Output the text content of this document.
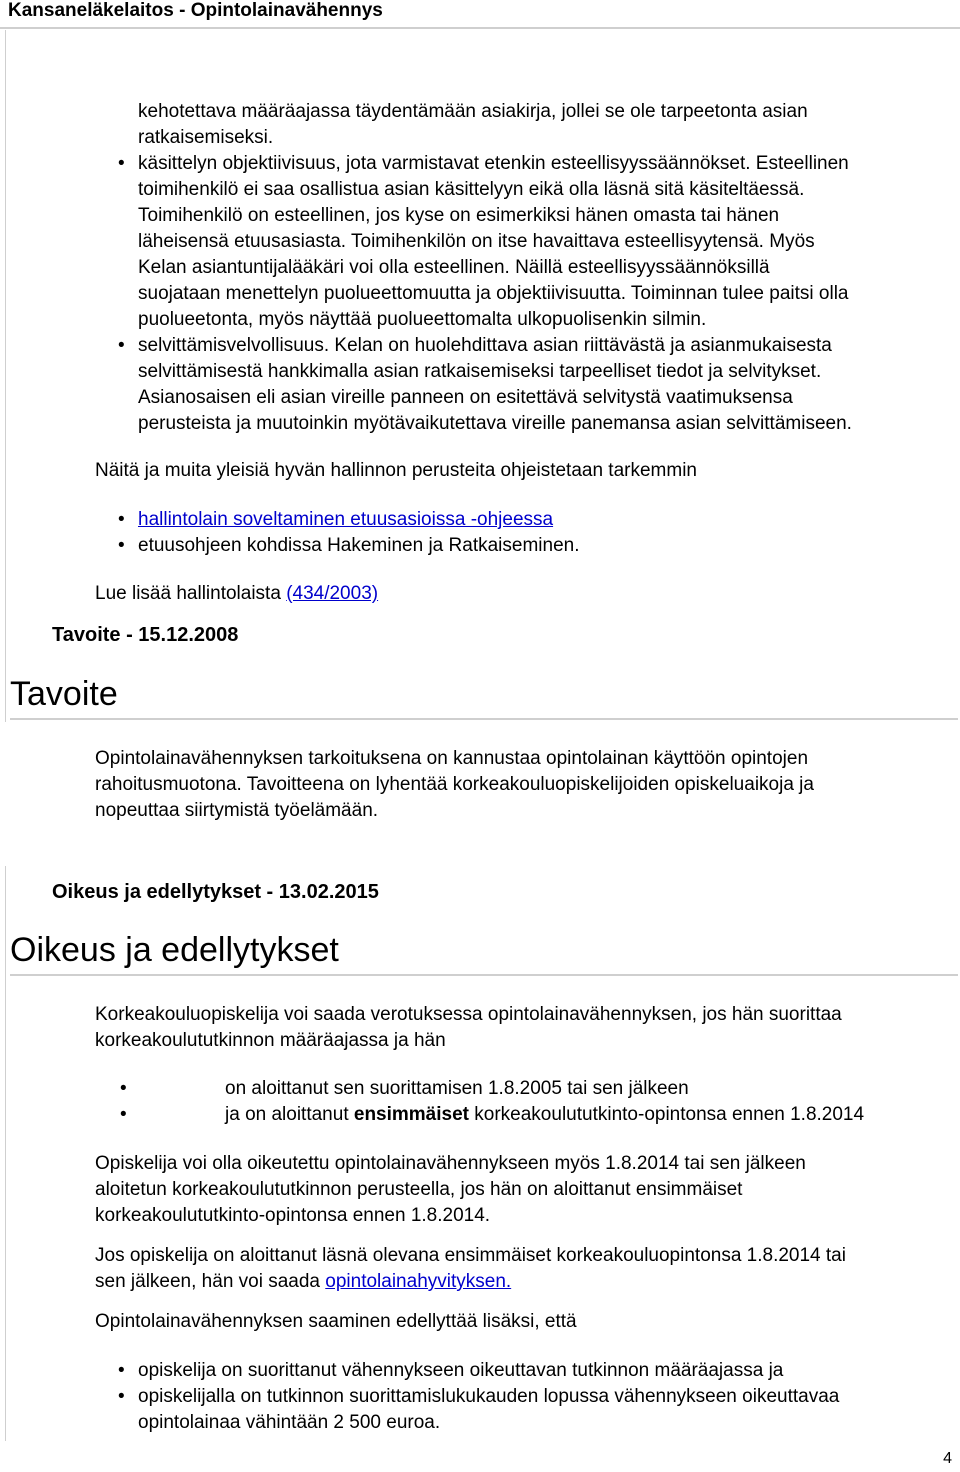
Kansaneläkelaitos - Opintolainavähennys
kehotettava määräajassa täydentämään asiakirja, jollei se ole tarpeetonta asian
ratkaisemiseksi.
• käsittelyn objektiivisuus, jota varmistavat etenkin esteellisyyssäännökset. Esteellinen
toimihenkilö ei saa osallistua asian käsittelyyn eikä olla läsnä sitä käsiteltäessä.
Toimihenkilö on esteellinen, jos kyse on esimerkiksi hänen omasta tai hänen
läheisensä etuusasiasta. Toimihenkilön on itse havaittava esteellisyytensä. Myös
Kelan asiantuntijalääkäri voi olla esteellinen. Näillä esteellisyyssäännöksillä
suojataan menettelyn puolueettomuutta ja objektiivisuutta. Toiminnan tulee paitsi olla
puolueetonta, myös näyttää puolueettomalta ulkopuolisenkin silmin.
• selvittämisvelvollisuus. Kelan on huolehdittava asian riittävästä ja asianmukaisesta
selvittämisestä hankkimalla asian ratkaisemiseksi tarpeelliset tiedot ja selvitykset.
Asianosaisen eli asian vireille panneen on esitettävä selvitystä vaatimuksensa
perusteista ja muutoinkin myötävaikutettava vireille panemansa asian selvittämiseen.
Näitä ja muita yleisiä hyvän hallinnon perusteita ohjeistetaan tarkemmin
• hallintolain soveltaminen etuusasioissa -ohjeessa
• etuusohjeen kohdissa Hakeminen ja Ratkaiseminen.
Lue lisää hallintolaista (434/2003)
Tavoite - 15.12.2008
Tavoite
Opintolainavähennyksen tarkoituksena on kannustaa opintolainan käyttöön opintojen
rahoitusmuotona. Tavoitteena on lyhentää korkeakouluopiskelijoiden opiskeluaikoja ja
nopeuttaa siirtymistä työelämään.
Oikeus ja edellytykset - 13.02.2015
Oikeus ja edellytykset
Korkeakouluopiskelija voi saada verotuksessa opintolainavähennyksen, jos hän suorittaa
korkeakoulututkinnon määräajassa ja hän
•	on aloittanut sen suorittamisen 1.8.2005 tai sen jälkeen
•	ja on aloittanut ensimmäiset korkeakoulututkinto-opintonsa ennen 1.8.2014
Opiskelija voi olla oikeutettu opintolainavähennykseen myös 1.8.2014 tai sen jälkeen
aloitetun korkeakoulututkinnon perusteella, jos hän on aloittanut ensimmäiset
korkeakoulututkinto-opintonsa ennen 1.8.2014.
Jos opiskelija on aloittanut läsnä olevana ensimmäiset korkeakouluopintonsa 1.8.2014 tai
sen jälkeen, hän voi saada opintolainahyvityksen.
Opintolainavähennyksen saaminen edellyttää lisäksi, että
• opiskelija on suorittanut vähennykseen oikeuttavan tutkinnon määräajassa ja
• opiskelijalla on tutkinnon suorittamislukukauden lopussa vähennykseen oikeuttavaa
opintolainaa vähintään 2 500 euroa.
4
